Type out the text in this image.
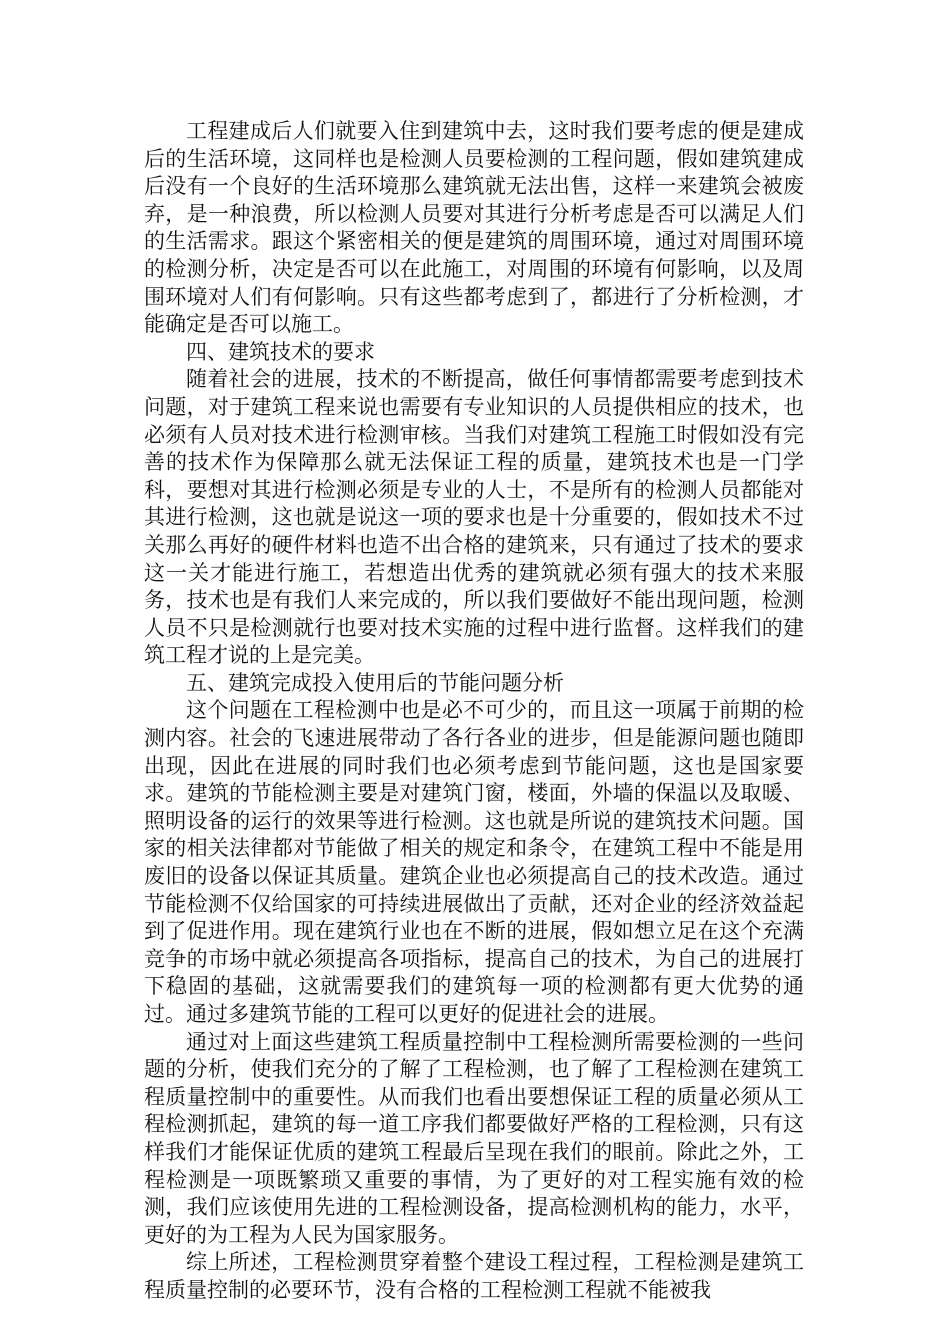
工程建成后人们就要入住到建筑中去，这时我们要考虑的便是建成后的生活环境，这同样也是检测人员要检测的工程问题，假如建筑建成后没有一个良好的生活环境那么建筑就无法出售，这样一来建筑会被废弃，是一种浪费，所以检测人员要对其进行分析考虑是否可以满足人们的生活需求。跟这个紧密相关的便是建筑的周围环境，通过对周围环境的检测分析，决定是否可以在此施工，对周围的环境有何影响，以及周围环境对人们有何影响。只有这些都考虑到了，都进行了分析检测，才能确定是否可以施工。

四、建筑技术的要求

随着社会的进展，技术的不断提高，做任何事情都需要考虑到技术问题，对于建筑工程来说也需要有专业知识的人员提供相应的技术，也必须有人员对技术进行检测审核。当我们对建筑工程施工时假如没有完善的技术作为保障那么就无法保证工程的质量，建筑技术也是一门学科，要想对其进行检测必须是专业的人士，不是所有的检测人员都能对其进行检测，这也就是说这一项的要求也是十分重要的，假如技术不过关那么再好的硬件材料也造不出合格的建筑来，只有通过了技术的要求这一关才能进行施工，若想造出优秀的建筑就必须有强大的技术来服务，技术也是有我们人来完成的，所以我们要做好不能出现问题，检测人员不只是检测就行也要对技术实施的过程中进行监督。这样我们的建筑工程才说的上是完美。

五、建筑完成投入使用后的节能问题分析

这个问题在工程检测中也是必不可少的，而且这一项属于前期的检测内容。社会的飞速进展带动了各行各业的进步，但是能源问题也随即出现，因此在进展的同时我们也必须考虑到节能问题，这也是国家要求。建筑的节能检测主要是对建筑门窗，楼面，外墙的保温以及取暖、照明设备的运行的效果等进行检测。这也就是所说的建筑技术问题。国家的相关法律都对节能做了相关的规定和条令，在建筑工程中不能是用废旧的设备以保证其质量。建筑企业也必须提高自己的技术改造。通过节能检测不仅给国家的可持续进展做出了贡献，还对企业的经济效益起到了促进作用。现在建筑行业也在不断的进展，假如想立足在这个充满竞争的市场中就必须提高各项指标，提高自己的技术，为自己的进展打下稳固的基础，这就需要我们的建筑每一项的检测都有更大优势的通过。通过多建筑节能的工程可以更好的促进社会的进展。

通过对上面这些建筑工程质量控制中工程检测所需要检测的一些问题的分析，使我们充分的了解了工程检测，也了解了工程检测在建筑工程质量控制中的重要性。从而我们也看出要想保证工程的质量必须从工程检测抓起，建筑的每一道工序我们都要做好严格的工程检测，只有这样我们才能保证优质的建筑工程最后呈现在我们的眼前。除此之外，工程检测是一项既繁琐又重要的事情，为了更好的对工程实施有效的检测，我们应该使用先进的工程检测设备，提高检测机构的能力，水平，更好的为工程为人民为国家服务。

综上所述，工程检测贯穿着整个建设工程过程，工程检测是建筑工程质量控制的必要环节，没有合格的工程检测工程就不能被我
